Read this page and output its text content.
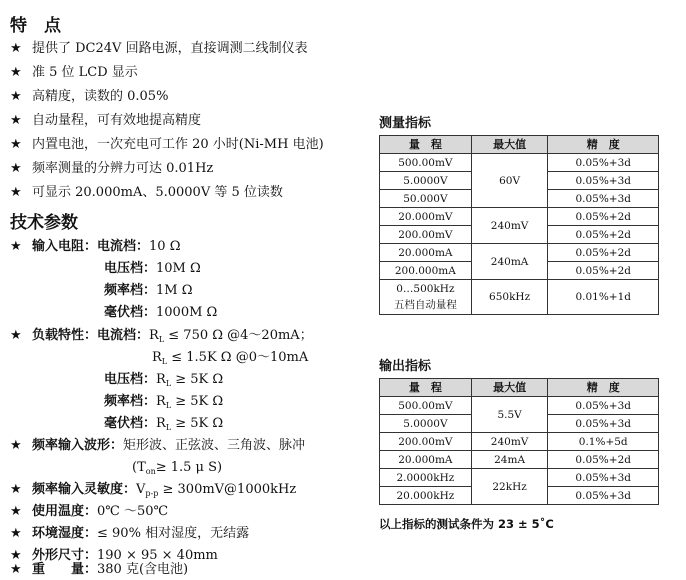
特　点
★ 提供了 DC24V 回路电源，直接调测二线制仪表
★ 准 5 位 LCD 显示
★ 高精度，读数的 0.05%
★ 自动量程，可有效地提高精度
★ 内置电池，一次充电可工作 20 小时(Ni-MH 电池)
★ 频率测量的分辨力可达 0.01Hz
★ 可显示 20.000mA、5.0000V 等 5 位读数
技术参数
★ 输入电阻：电流档：10 Ω
电压档：10M Ω
频率档：1M Ω
毫伏档：1000M Ω
★ 负载特性：电流档：$R_L \le 750$ Ω @4～20mA；
$R_L \le 1.5K$ Ω @0～10mA
电压档：$R_L \ge 5K$ Ω
频率档：$R_L \ge 5K$ Ω
毫伏档：$R_L \ge 5K$ Ω
★ 频率输入波形：矩形波、正弦波、三角波、脉冲
($T_{on}\ge 1.5$ μ S)
★ 频率输入灵敏度：$V_{p-p}$ ≥ 300mV@1000kHz
★ 使用温度：0℃ ～50℃
★ 环境湿度：≤ 90% 相对湿度，无结露
★ 外形尺寸：190 × 95 × 40mm
★ 重　　量：380 克(含电池)
测量指标
量　程	最大值	精　度
500.00mV	60V	0.05%+3d
5.0000V		0.05%+3d
50.000V		0.05%+3d
20.000mV	240mV	0.05%+2d
200.00mV		0.05%+2d
20.000mA	240mA	0.05%+2d
200.000mA		0.05%+2d

0…500kHz
五档自动量程	650kHz	0.01%+1d
输出指标
量　程	最大值	精　度
500.00mV	5.5V	0.05%+3d
5.0000V		0.05%+3d
200.00mV	240mV	0.1%+5d
20.000mA	24mA	0.05%+2d
2.0000kHz	22kHz	0.05%+3d
20.000kHz		0.05%+3d
以上指标的测试条件为 23 ± 5˚C
